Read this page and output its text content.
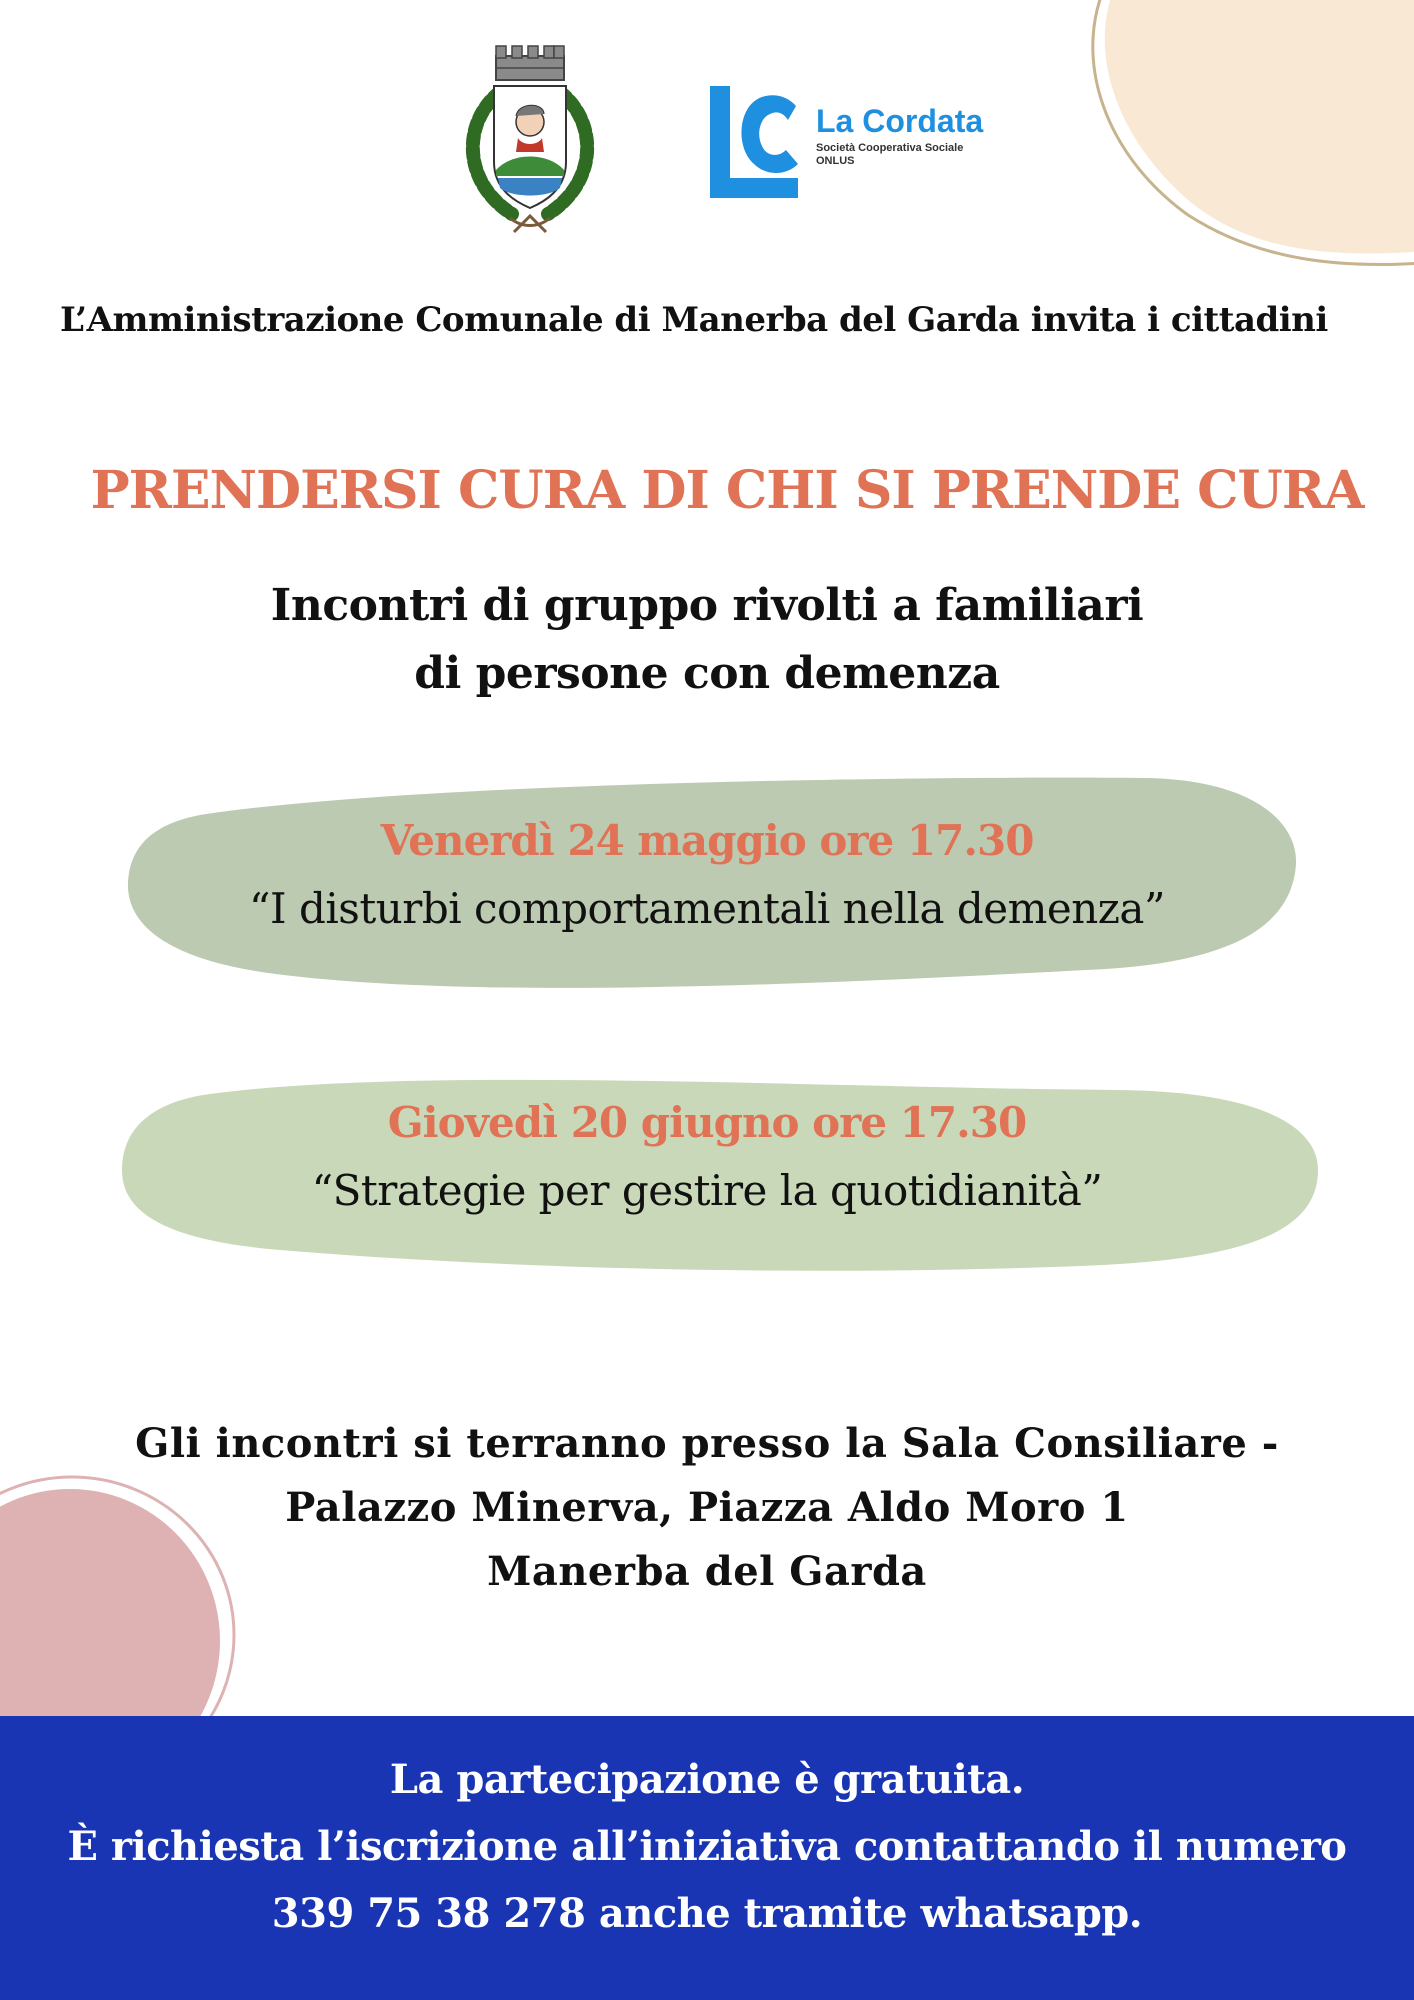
La Cordata
Società Cooperativa Sociale
ONLUS
L’Amministrazione Comunale di Manerba del Garda invita i cittadini
PRENDERSI CURA DI CHI SI PRENDE CURA
Incontri di gruppo rivolti a familiari
di persone con demenza
Venerdì 24 maggio ore 17.30
“I disturbi comportamentali nella demenza”
Giovedì 20 giugno ore 17.30
“Strategie per gestire la quotidianità”
Gli incontri si terranno presso la Sala Consiliare -
Palazzo Minerva, Piazza Aldo Moro 1
Manerba del Garda
La partecipazione è gratuita.
È richiesta l’iscrizione all’iniziativa contattando il numero
339 75 38 278 anche tramite whatsapp.
